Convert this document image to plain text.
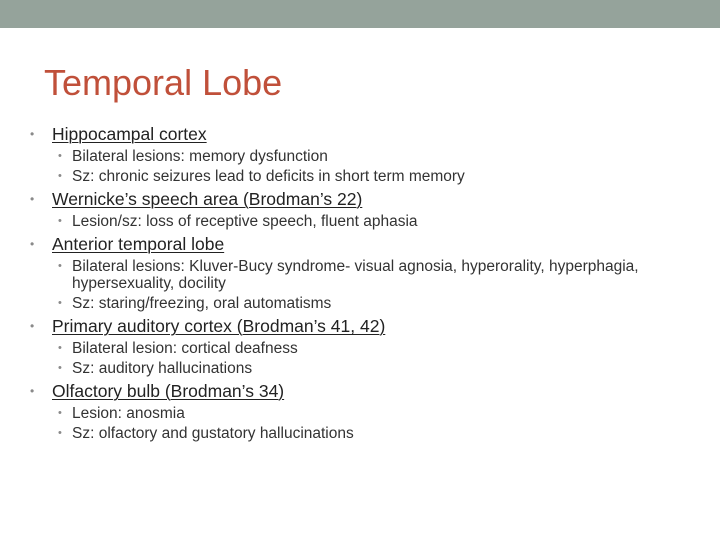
Temporal Lobe
• Hippocampal cortex
• Bilateral lesions: memory dysfunction
• Sz: chronic seizures lead to deficits in short term memory
• Wernicke’s speech area (Brodman’s 22)
• Lesion/sz: loss of receptive speech, fluent aphasia
• Anterior temporal lobe
• Bilateral lesions: Kluver-Bucy syndrome- visual agnosia, hyperorality, hyperphagia, hypersexuality, docility
• Sz: staring/freezing, oral automatisms
• Primary auditory cortex (Brodman’s 41, 42)
• Bilateral lesion: cortical deafness
• Sz: auditory hallucinations
• Olfactory bulb (Brodman’s 34)
• Lesion: anosmia
• Sz: olfactory and gustatory hallucinations
